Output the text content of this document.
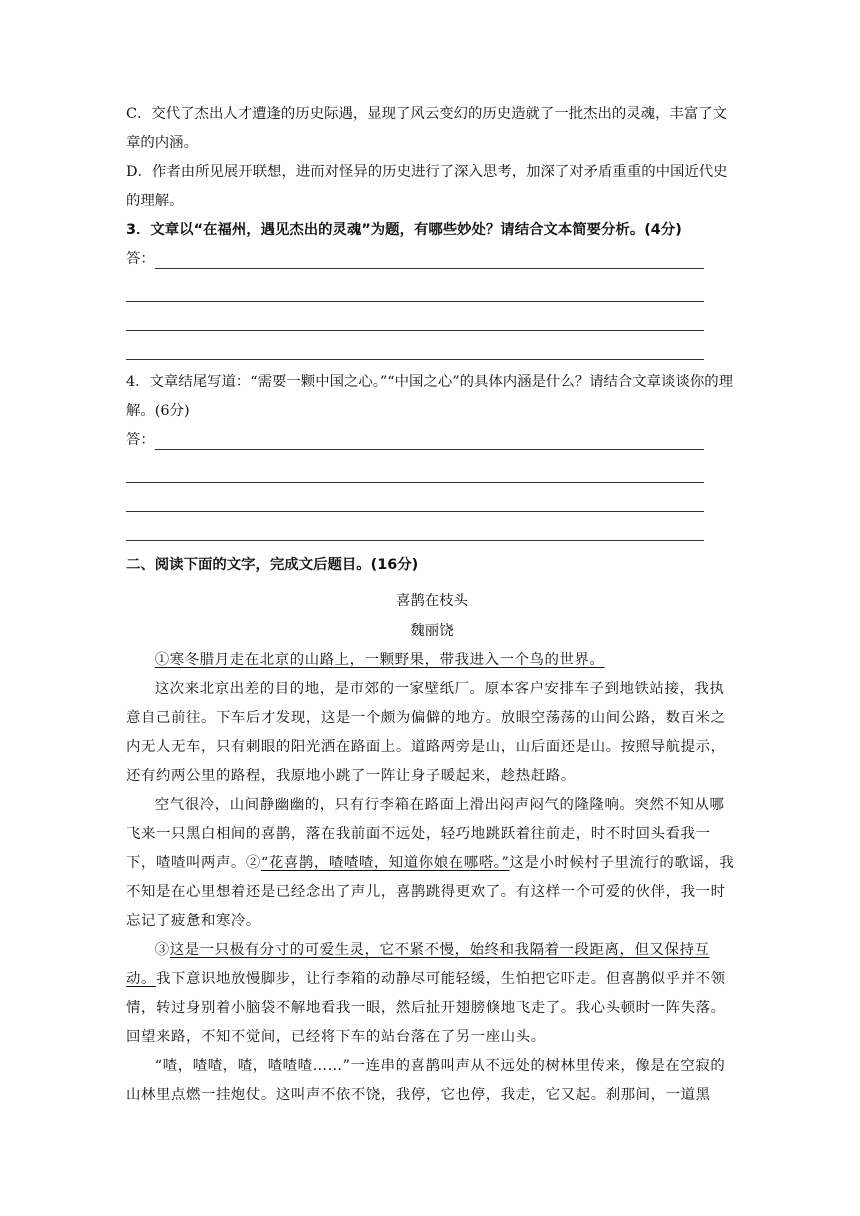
C．交代了杰出人才遭逢的历史际遇，显现了风云变幻的历史造就了一批杰出的灵魂，丰富了文章的内涵。

D．作者由所见展开联想，进而对怪异的历史进行了深入思考，加深了对矛盾重重的中国近代史的理解。

3．文章以“在福州，遇见杰出的灵魂”为题，有哪些妙处？请结合文本简要分析。(4分)

答：

4．文章结尾写道：“需要一颗中国之心。”“中国之心”的具体内涵是什么？请结合文章谈谈你的理解。(6分)

答：

二、阅读下面的文字，完成文后题目。(16分)

喜鹊在枝头
魏丽饶

①寒冬腊月走在北京的山路上，一颗野果，带我进入一个鸟的世界。

这次来北京出差的目的地，是市郊的一家壁纸厂。原本客户安排车子到地铁站接，我执意自己前往。下车后才发现，这是一个颇为偏僻的地方。放眼空荡荡的山间公路，数百米之内无人无车，只有刺眼的阳光洒在路面上。道路两旁是山，山后面还是山。按照导航提示，还有约两公里的路程，我原地小跳了一阵让身子暖起来，趁热赶路。

空气很冷，山间静幽幽的，只有行李箱在路面上滑出闷声闷气的隆隆响。突然不知从哪飞来一只黑白相间的喜鹊，落在我前面不远处，轻巧地跳跃着往前走，时不时回头看我一下，喳喳叫两声。②“花喜鹊，喳喳喳，知道你娘在哪嗒。”这是小时候村子里流行的歌谣，我不知是在心里想着还是已经念出了声儿，喜鹊跳得更欢了。有这样一个可爱的伙伴，我一时忘记了疲惫和寒冷。

③这是一只极有分寸的可爱生灵，它不紧不慢，始终和我隔着一段距离，但又保持互动。我下意识地放慢脚步，让行李箱的动静尽可能轻缓，生怕把它吓走。但喜鹊似乎并不领情，转过身别着小脑袋不解地看我一眼，然后扯开翅膀倏地飞走了。我心头顿时一阵失落。回望来路，不知不觉间，已经将下车的站台落在了另一座山头。

“喳，喳喳，喳，喳喳喳……”一连串的喜鹊叫声从不远处的树林里传来，像是在空寂的山林里点燃一挂炮仗。这叫声不依不饶，我停，它也停，我走，它又起。刹那间，一道黑
